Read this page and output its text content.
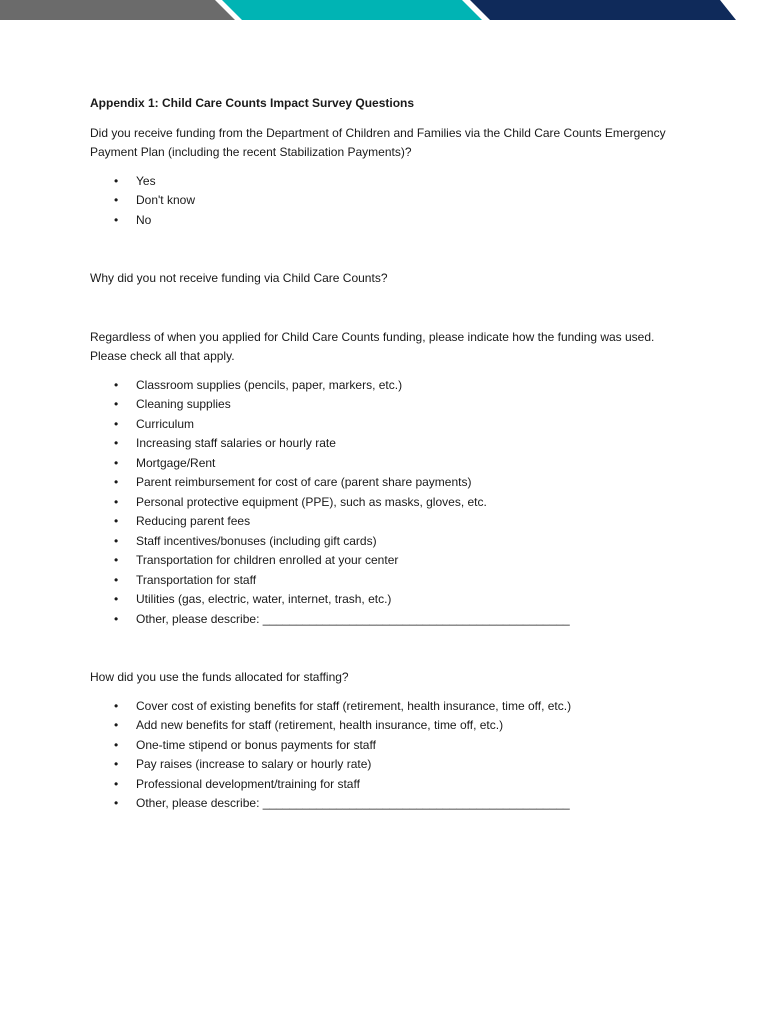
Appendix 1: Child Care Counts Impact Survey Questions
Did you receive funding from the Department of Children and Families via the Child Care Counts Emergency Payment Plan (including the recent Stabilization Payments)?
• Yes
• Don't know
• No
Why did you not receive funding via Child Care Counts?
Regardless of when you applied for Child Care Counts funding, please indicate how the funding was used. Please check all that apply.
• Classroom supplies (pencils, paper, markers, etc.)
• Cleaning supplies
• Curriculum
• Increasing staff salaries or hourly rate
• Mortgage/Rent
• Parent reimbursement for cost of care (parent share payments)
• Personal protective equipment (PPE), such as masks, gloves, etc.
• Reducing parent fees
• Staff incentives/bonuses (including gift cards)
• Transportation for children enrolled at your center
• Transportation for staff
• Utilities (gas, electric, water, internet, trash, etc.)
• Other, please describe: ______________________________________________
How did you use the funds allocated for staffing?
• Cover cost of existing benefits for staff (retirement, health insurance, time off, etc.)
• Add new benefits for staff (retirement, health insurance, time off, etc.)
• One-time stipend or bonus payments for staff
• Pay raises (increase to salary or hourly rate)
• Professional development/training for staff
• Other, please describe: ______________________________________________
